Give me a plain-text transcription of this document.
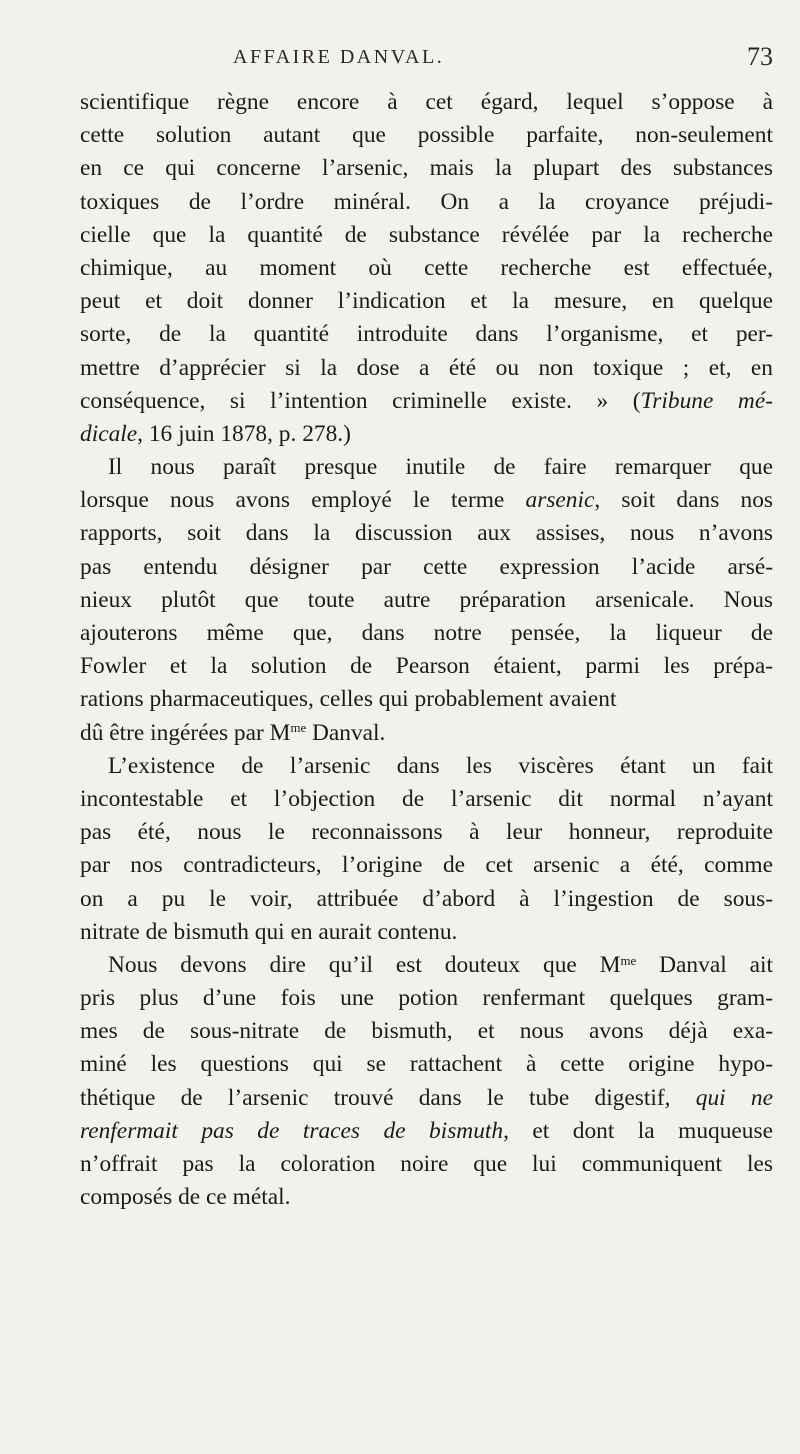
AFFAIRE DANVAL.	73
scientifique règne encore à cet égard, lequel s’oppose à
cette solution autant que possible parfaite, non-seulement
en ce qui concerne l’arsenic, mais la plupart des substances
toxiques de l’ordre minéral. On a la croyance préjudi-
cielle que la quantité de substance révélée par la recherche
chimique, au moment où cette recherche est effectuée,
peut et doit donner l’indication et la mesure, en quelque
sorte, de la quantité introduite dans l’organisme, et per-
mettre d’apprécier si la dose a été ou non toxique ; et, en
conséquence, si l’intention criminelle existe. » (Tribune mé-
dicale, 16 juin 1878, p. 278.)
Il nous paraît presque inutile de faire remarquer que
lorsque nous avons employé le terme arsenic, soit dans nos
rapports, soit dans la discussion aux assises, nous n’avons
pas entendu désigner par cette expression l’acide arsé-
nieux plutôt que toute autre préparation arsenicale. Nous
ajouterons même que, dans notre pensée, la liqueur de
Fowler et la solution de Pearson étaient, parmi les prépa-
rations pharmaceutiques, celles qui probablement avaient
dû être ingérées par $M^{me}$ Danval.
L’existence de l’arsenic dans les viscères étant un fait
incontestable et l’objection de l’arsenic dit normal n’ayant
pas été, nous le reconnaissons à leur honneur, reproduite
par nos contradicteurs, l’origine de cet arsenic a été, comme
on a pu le voir, attribuée d’abord à l’ingestion de sous-
nitrate de bismuth qui en aurait contenu.
Nous devons dire qu’il est douteux que $M^{me}$ Danval ait
pris plus d’une fois une potion renfermant quelques gram-
mes de sous-nitrate de bismuth, et nous avons déjà exa-
miné les questions qui se rattachent à cette origine hypo-
thétique de l’arsenic trouvé dans le tube digestif, qui ne
renfermait pas de traces de bismuth, et dont la muqueuse
n’offrait pas la coloration noire que lui communiquent les
composés de ce métal.
